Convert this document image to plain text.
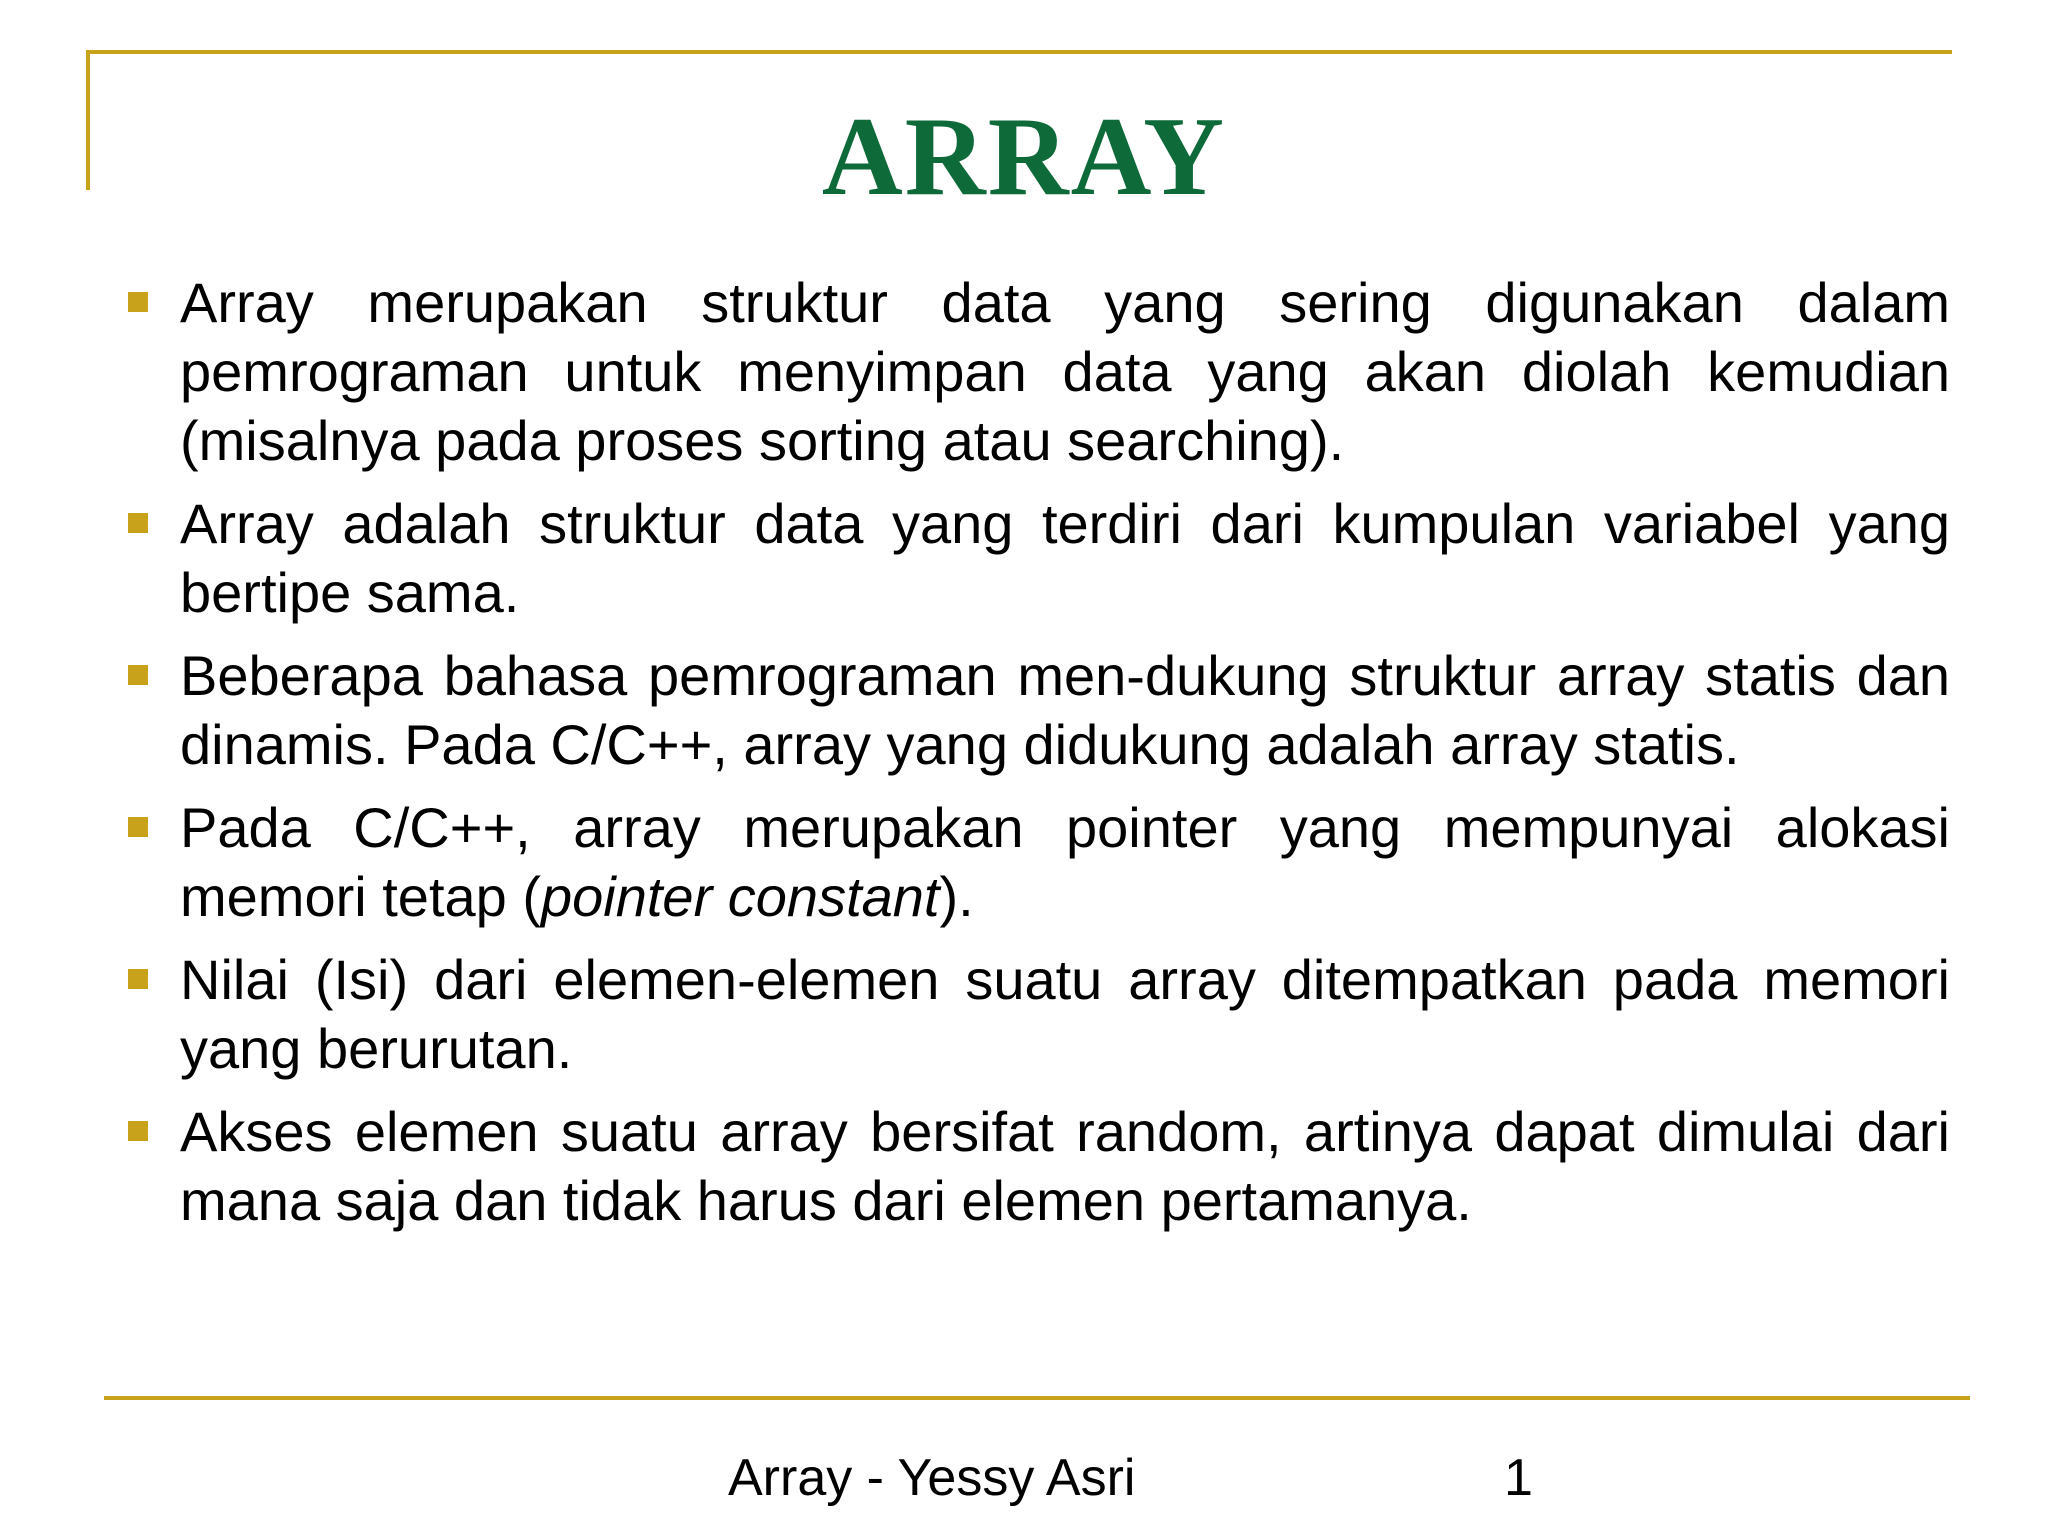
ARRAY
Array merupakan struktur data yang sering digunakan dalam pemrograman untuk menyimpan data yang akan diolah kemudian (misalnya pada proses sorting atau searching).
Array adalah struktur data yang terdiri dari kumpulan variabel yang bertipe sama.
Beberapa bahasa pemrograman men-dukung struktur array statis dan dinamis. Pada C/C++, array yang didukung adalah array statis.
Pada C/C++, array merupakan pointer yang mempunyai alokasi memori tetap (pointer constant).
Nilai (Isi) dari elemen-elemen suatu array ditempatkan pada memori yang berurutan.
Akses elemen suatu array bersifat random, artinya dapat dimulai dari mana saja dan tidak harus dari elemen pertamanya.
Array - Yessy Asri	1
